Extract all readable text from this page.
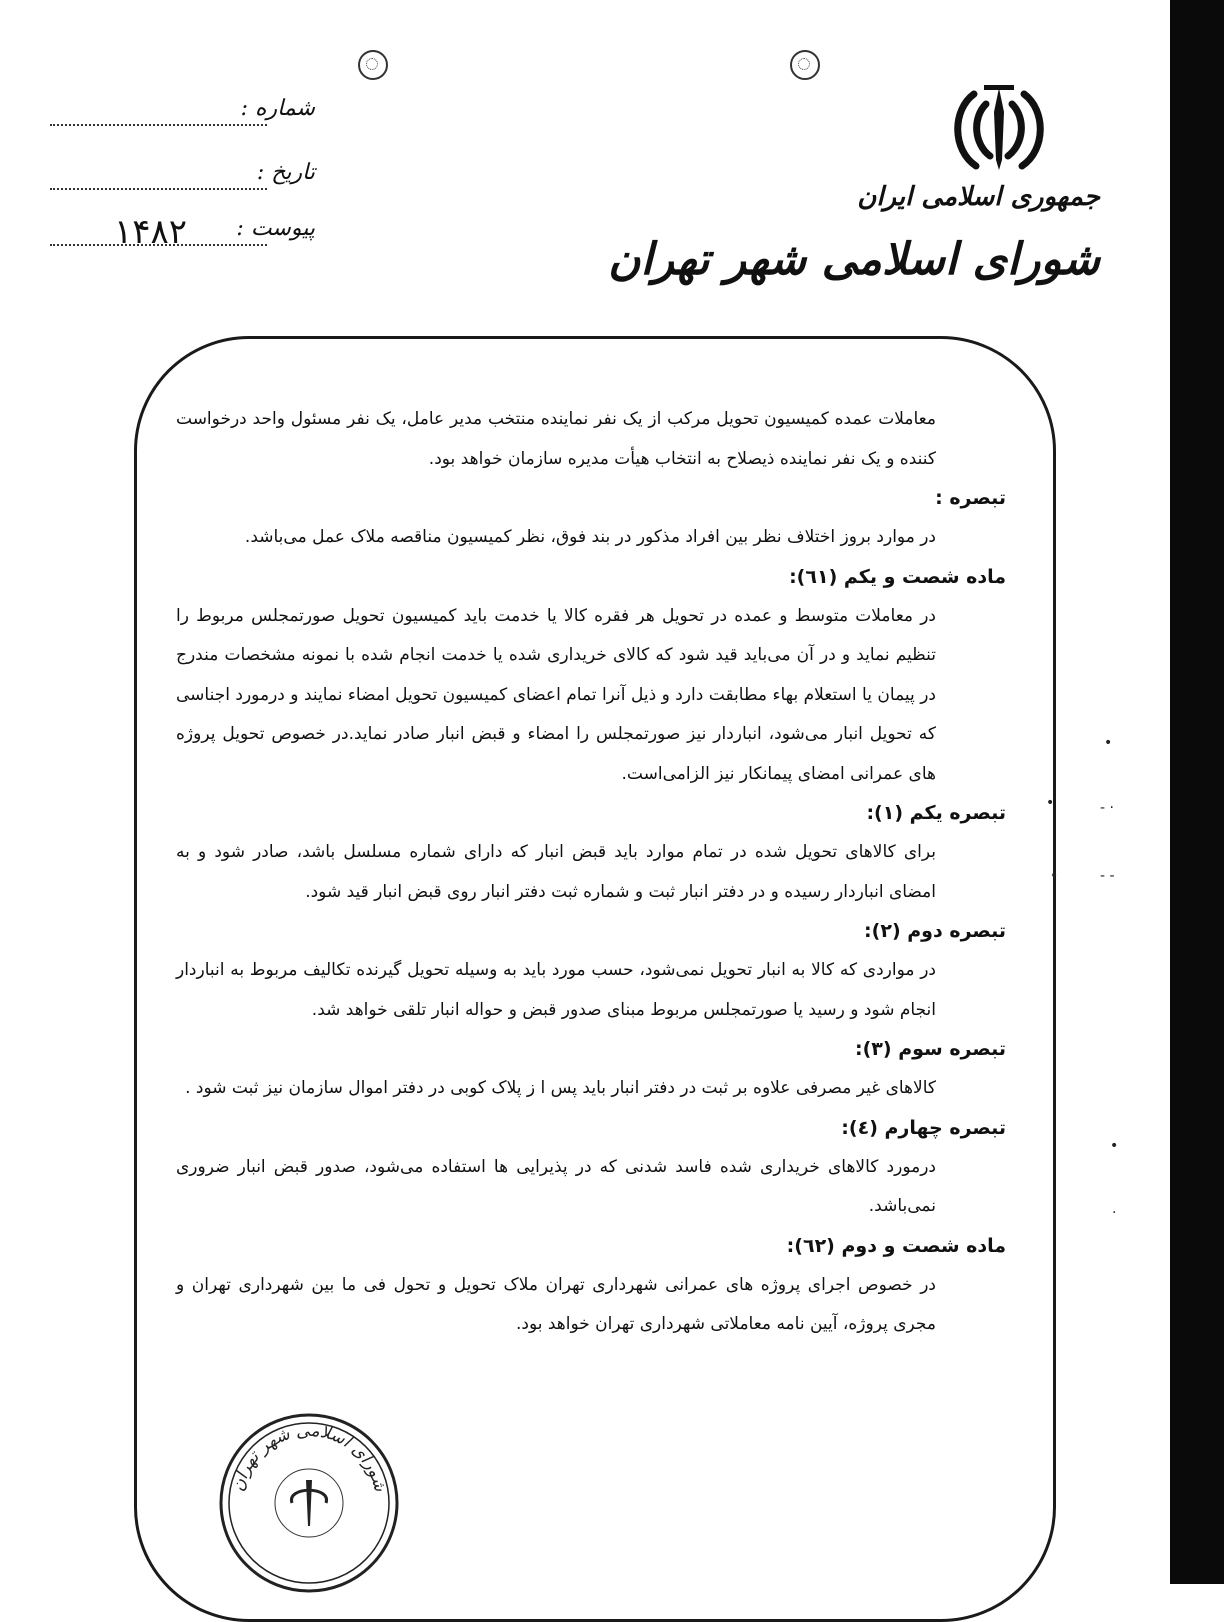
جمهوری اسلامی ایران
شورای اسلامی شهر تهران
شماره :
تاریخ :
پیوست :
۱۴۸۲

معاملات عمده کمیسیون تحویل مرکب از یک نفر نماینده منتخب مدیر عامل، یک نفر مسئول واحد درخواست کننده و یک نفر نماینده ذیصلاح به انتخاب هیأت مدیره سازمان خواهد بود.

تبصره :

در موارد بروز اختلاف نظر بین افراد مذکور در بند فوق، نظر کمیسیون مناقصه ملاک عمل می‌باشد.

ماده شصت و یکم (٦١):

در معاملات متوسط و عمده در تحویل هر فقره کالا یا خدمت باید کمیسیون تحویل صورتمجلس مربوط را تنظیم نماید و در آن می‌باید قید شود که کالای خریداری شده یا خدمت انجام شده با نمونه مشخصات مندرج در پیمان یا استعلام بهاء مطابقت دارد و ذیل آنرا تمام اعضای کمیسیون تحویل امضاء نمایند و درمورد اجناسی که تحویل انبار می‌شود، انباردار نیز صورتمجلس را امضاء و قبض انبار صادر نماید.در خصوص تحویل پروژه های عمرانی امضای پیمانکار نیز الزامی‌است.

تبصره یکم (١):

برای کالاهای تحویل شده در تمام موارد باید قبض انبار که دارای شماره مسلسل باشد، صادر شود و به امضای انباردار رسیده و در دفتر انبار ثبت و شماره ثبت دفتر انبار روی قبض انبار قید شود.

تبصره دوم (٢):

در مواردی که کالا به انبار تحویل نمی‌شود، حسب مورد باید به وسیله تحویل گیرنده تکالیف مربوط به انباردار انجام شود و رسید یا صورتمجلس مربوط مبنای صدور قبض و حواله انبار تلقی خواهد شد.

تبصره سوم (٣):

کالاهای غیر مصرفی علاوه بر ثبت در دفتر انبار باید پس ا ز پلاک کوبی در دفتر اموال سازمان نیز ثبت شود .

تبصره چهارم (٤):

درمورد کالاهای خریداری شده فاسد شدنی که در پذیرایی ها استفاده می‌شود، صدور قبض انبار ضروری نمی‌باشد.

ماده شصت و دوم (٦٢):

در خصوص اجرای پروژه های عمرانی شهرداری تهران ملاک تحویل و تحول فی ما بین شهرداری تهران و مجری پروژه، آیین نامه معاملاتی شهرداری تهران خواهد بود.

•
•	- ·
•	- -
•
·
شورای اسلامی شهر تهران
